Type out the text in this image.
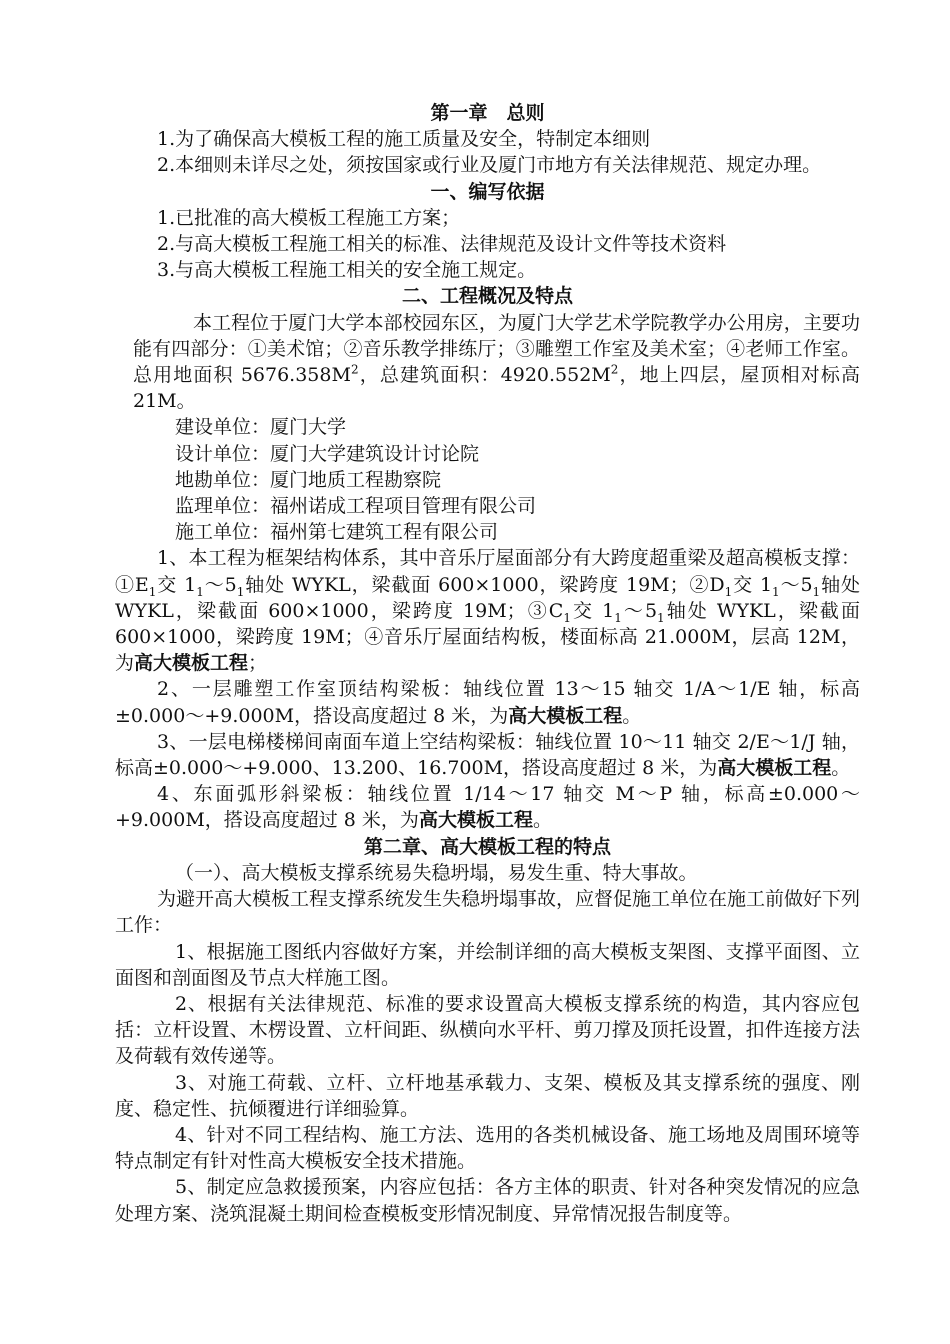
第一章　总则

1.为了确保高大模板工程的施工质量及安全，特制定本细则

2.本细则未详尽之处，须按国家或行业及厦门市地方有关法律规范、规定办理。

一、编写依据

1.已批准的高大模板工程施工方案；

2.与高大模板工程施工相关的标准、法律规范及设计文件等技术资料

3.与高大模板工程施工相关的安全施工规定。

二、工程概况及特点

本工程位于厦门大学本部校园东区，为厦门大学艺术学院教学办公用房，主要功能有四部分：①美术馆；②音乐教学排练厅；③雕塑工作室及美术室；④老师工作室。总用地面积 $5676.358M^2$，总建筑面积：$4920.552M^2$，地上四层，屋顶相对标高 21M。

建设单位：厦门大学

设计单位：厦门大学建筑设计讨论院

地勘单位：厦门地质工程勘察院

监理单位：福州诺成工程项目管理有限公司

施工单位：福州第七建筑工程有限公司

1、本工程为框架结构体系，其中音乐厅屋面部分有大跨度超重梁及超高模板支撑：$①E_1$交 $1_1\sim 5_1$轴处 WYKL，梁截面 600×1000，梁跨度 19M；$②D_1$交 $1_1\sim 5_1$轴处 WYKL，梁截面 600×1000，梁跨度 19M；$③C_1$交 $1_1\sim 5_1$轴处 WYKL，梁截面 600×1000，梁跨度 19M；④音乐厅屋面结构板，楼面标高 21.000M，层高 12M，为高大模板工程；

2、一层雕塑工作室顶结构梁板：轴线位置 13～15 轴交 1/A～1/E 轴，标高±0.000～+9.000M，搭设高度超过 8 米，为高大模板工程。

3、一层电梯楼梯间南面车道上空结构梁板：轴线位置 10～11 轴交 2/E～1/J 轴，标高±0.000～+9.000、13.200、16.700M，搭设高度超过 8 米，为高大模板工程。

4、东面弧形斜梁板：轴线位置 1/14～17 轴交 M～P 轴，标高±0.000～+9.000M，搭设高度超过 8 米，为高大模板工程。

第二章、高大模板工程的特点

（一）、高大模板支撑系统易失稳坍塌，易发生重、特大事故。

为避开高大模板工程支撑系统发生失稳坍塌事故，应督促施工单位在施工前做好下列工作：

1、根据施工图纸内容做好方案，并绘制详细的高大模板支架图、支撑平面图、立面图和剖面图及节点大样施工图。

2、根据有关法律规范、标准的要求设置高大模板支撑系统的构造，其内容应包括：立杆设置、木楞设置、立杆间距、纵横向水平杆、剪刀撑及顶托设置，扣件连接方法及荷载有效传递等。

3、对施工荷载、立杆、立杆地基承载力、支架、模板及其支撑系统的强度、刚度、稳定性、抗倾覆进行详细验算。

4、针对不同工程结构、施工方法、选用的各类机械设备、施工场地及周围环境等特点制定有针对性高大模板安全技术措施。

5、制定应急救援预案，内容应包括：各方主体的职责、针对各种突发情况的应急处理方案、浇筑混凝土期间检查模板变形情况制度、异常情况报告制度等。
